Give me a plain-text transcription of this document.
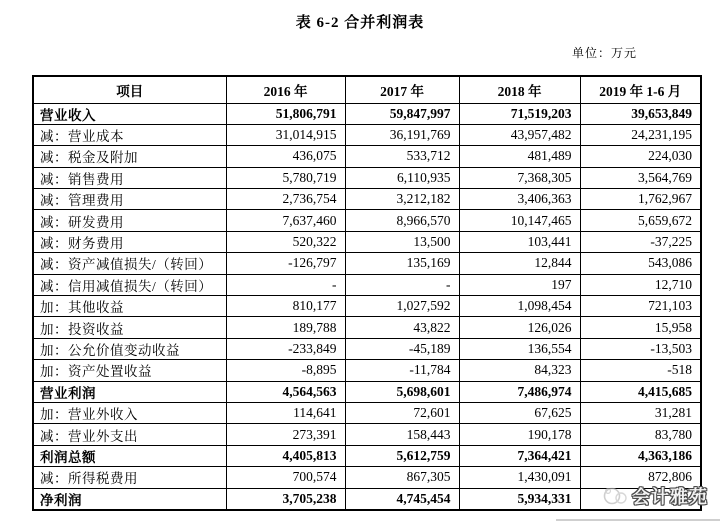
表 6-2 合并利润表
单位：万元
项目	2016 年	2017 年	2018 年	2019 年 1-6 月
营业收入	51,806,791	59,847,997	71,519,203	39,653,849
减：营业成本	31,014,915	36,191,769	43,957,482	24,231,195
减：税金及附加	436,075	533,712	481,489	224,030
减：销售费用	5,780,719	6,110,935	7,368,305	3,564,769
减：管理费用	2,736,754	3,212,182	3,406,363	1,762,967
减：研发费用	7,637,460	8,966,570	10,147,465	5,659,672
减：财务费用	520,322	13,500	103,441	-37,225
减：资产减值损失/（转回）	-126,797	135,169	12,844	543,086
减：信用减值损失/（转回）	-	-	197	12,710
加：其他收益	810,177	1,027,592	1,098,454	721,103
加：投资收益	189,788	43,822	126,026	15,958
加：公允价值变动收益	-233,849	-45,189	136,554	-13,503
加：资产处置收益	-8,895	-11,784	84,323	-518
营业利润	4,564,563	5,698,601	7,486,974	4,415,685
加：营业外收入	114,641	72,601	67,625	31,281
减：营业外支出	273,391	158,443	190,178	83,780
利润总额	4,405,813	5,612,759	7,364,421	4,363,186
减：所得税费用	700,574	867,305	1,430,091	872,806
净利润	3,705,238	4,745,454	5,934,331		会计雅苑
